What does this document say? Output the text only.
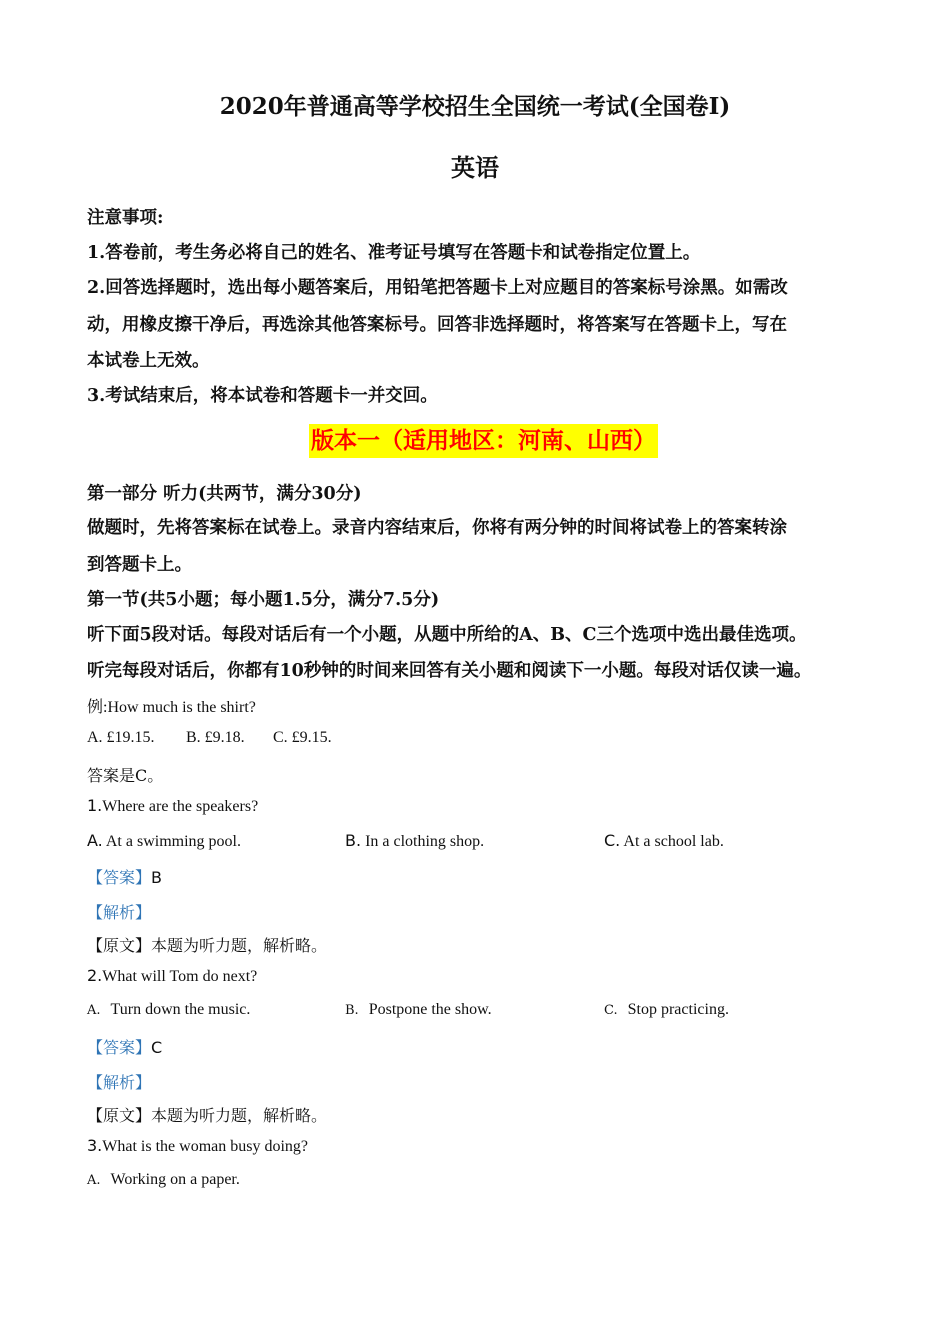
2020年普通高等学校招生全国统一考试(全国卷I)
英语
注意事项:
1.答卷前，考生务必将自己的姓名、准考证号填写在答题卡和试卷指定位置上。
2.回答选择题时，选出每小题答案后，用铅笔把答题卡上对应题目的答案标号涂黑。如需改
动，用橡皮擦干净后，再选涂其他答案标号。回答非选择题时，将答案写在答题卡上，写在
本试卷上无效。
3.考试结束后，将本试卷和答题卡一并交回。
版本一（适用地区：河南、山西）
第一部分 听力(共两节，满分30分)
做题时，先将答案标在试卷上。录音内容结束后，你将有两分钟的时间将试卷上的答案转涂
到答题卡上。
第一节(共5小题；每小题1.5分，满分7.5分)
听下面5段对话。每段对话后有一个小题，从题中所给的A、B、C三个选项中选出最佳选项。
听完每段对话后，你都有10秒钟的时间来回答有关小题和阅读下一小题。每段对话仅读一遍。
例:How much is the shirt?
A. £19.15. B. £9.18. C. £9.15.
答案是C。
1.Where are the speakers?
A. At a swimming pool.	B. In a clothing shop.	C. At a school lab.
【答案】B
【解析】
【原文】本题为听力题，解析略。
2.What will Tom do next?
A. Turn down the music.	B. Postpone the show.	C. Stop practicing.
【答案】C
【解析】
【原文】本题为听力题，解析略。
3.What is the woman busy doing?
A. Working on a paper.
